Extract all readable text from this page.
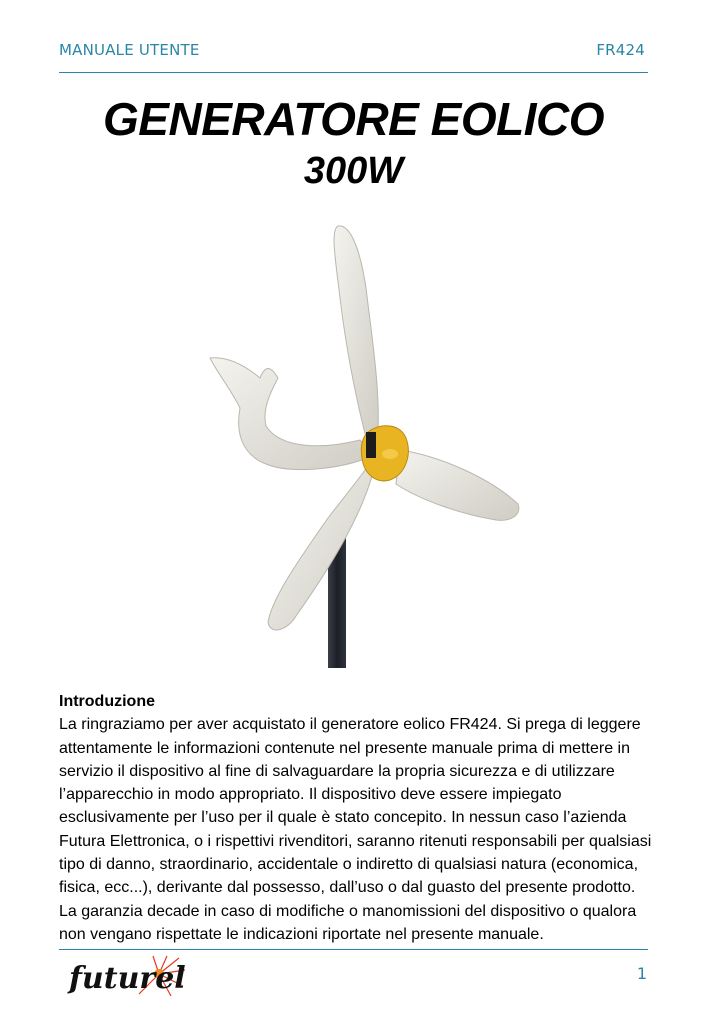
MANUALE UTENTE	FR424
GENERATORE EOLICO
300W
Introduzione
La ringraziamo per aver acquistato il generatore eolico FR424. Si prega di leggere attentamente le informazioni contenute nel presente manuale prima di mettere in servizio il dispositivo al fine di salvaguardare la propria sicurezza e di utilizzare l’apparecchio in modo appropriato. Il dispositivo deve essere impiegato esclusivamente per l’uso per il quale è stato concepito. In nessun caso l’azienda Futura Elettronica, o i rispettivi rivenditori, saranno ritenuti responsabili per qualsiasi tipo di danno, straordinario, accidentale o indiretto di qualsiasi natura (economica, fisica, ecc...), derivante dal possesso, dall’uso o dal guasto del presente prodotto. La garanzia decade in caso di modifiche o manomissioni del dispositivo o qualora non vengano rispettate le indicazioni riportate nel presente manuale.
futurel	1
